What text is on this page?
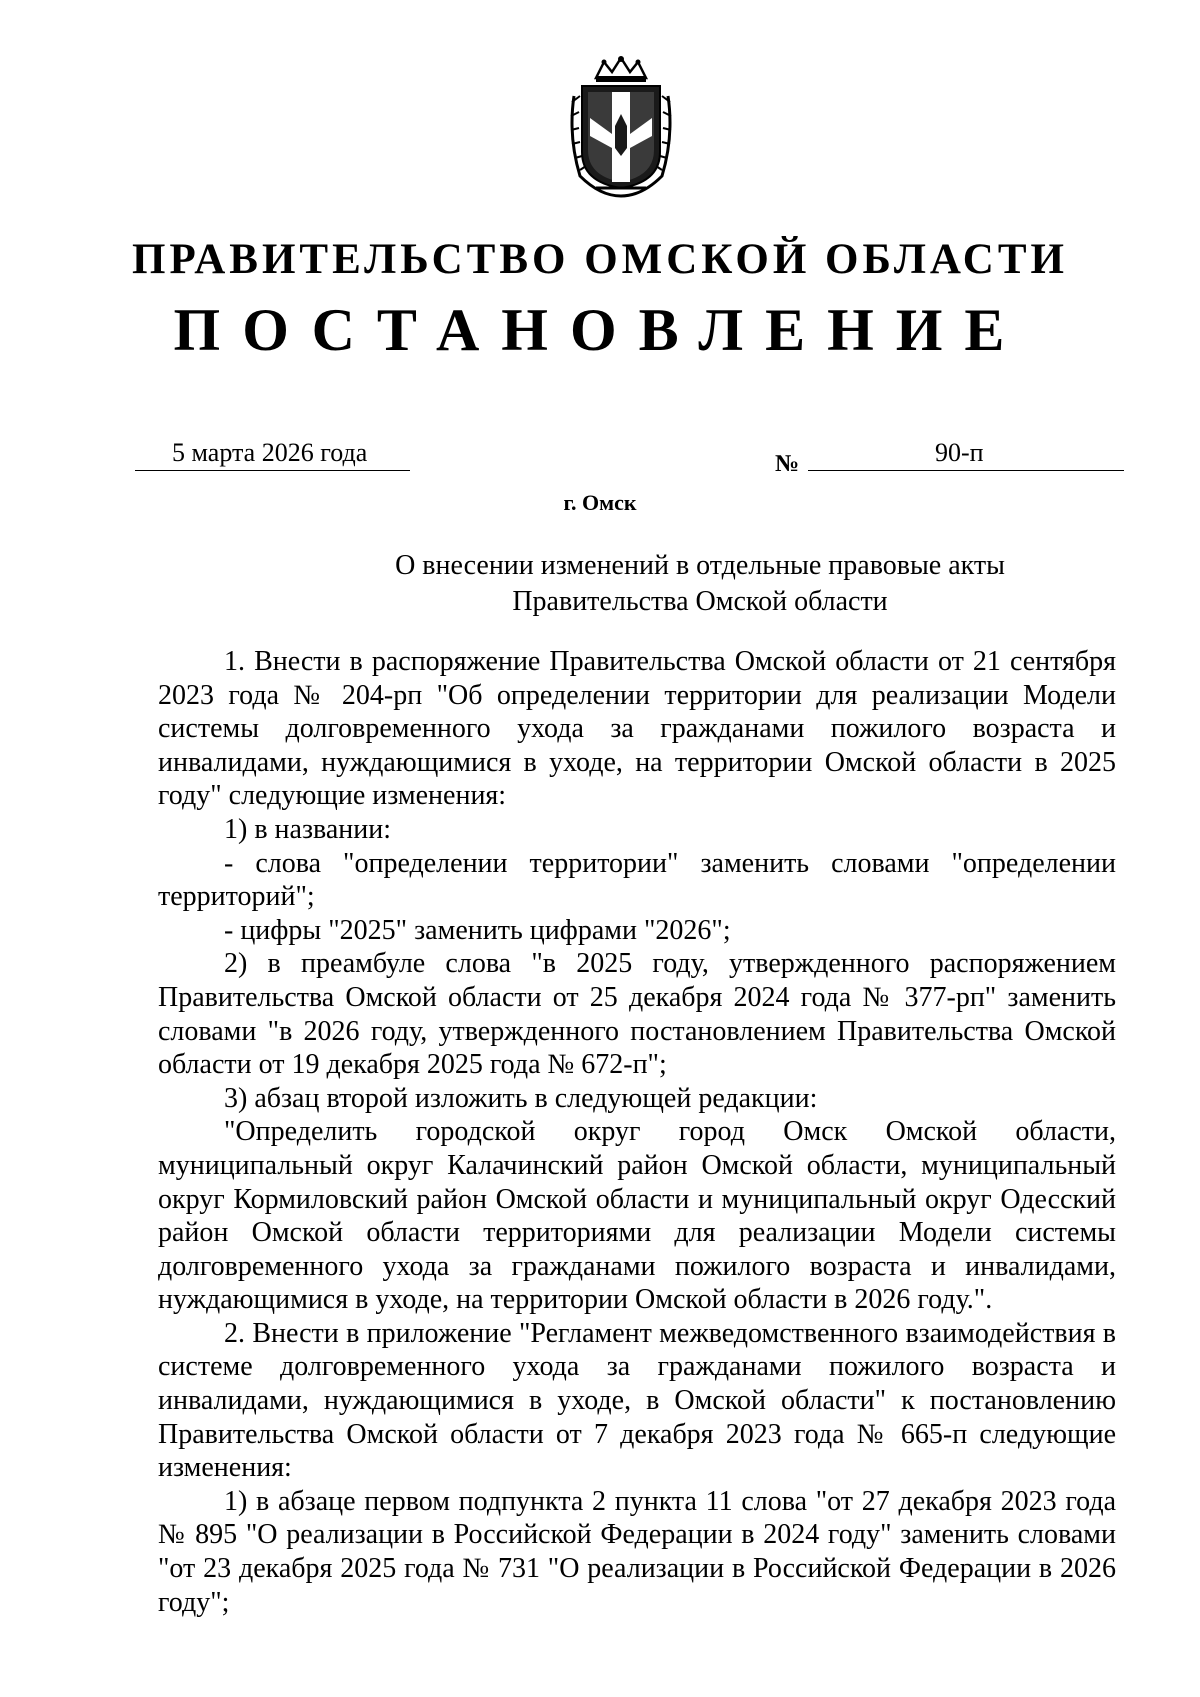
ПРАВИТЕЛЬСТВО ОМСКОЙ ОБЛАСТИ
ПОСТАНОВЛЕНИЕ
5 марта 2026 года	№	90-п
г. Омск
О внесении изменений в отдельные правовые акты
Правительства Омской области

1. Внести в распоряжение Правительства Омской области от 21 сентября 2023 года № 204-рп "Об определении территории для реализации Модели системы долговременного ухода за гражданами пожилого возраста и инвалидами, нуждающимися в уходе, на территории Омской области в 2025 году" следующие изменения:

1) в названии:

- слова "определении территории" заменить словами "определении территорий";

- цифры "2025" заменить цифрами "2026";

2) в преамбуле слова "в 2025 году, утвержденного распоряжением Правительства Омской области от 25 декабря 2024 года № 377-рп" заменить словами "в 2026 году, утвержденного постановлением Правительства Омской области от 19 декабря 2025 года № 672-п";

3) абзац второй изложить в следующей редакции:

"Определить городской округ город Омск Омской области, муниципальный округ Калачинский район Омской области, муниципальный округ Кормиловский район Омской области и муниципальный округ Одесский район Омской области территориями для реализации Модели системы долговременного ухода за гражданами пожилого возраста и инвалидами, нуждающимися в уходе, на территории Омской области в 2026 году.".

2. Внести в приложение "Регламент межведомственного взаимодействия в системе долговременного ухода за гражданами пожилого возраста и инвалидами, нуждающимися в уходе, в Омской области" к постановлению Правительства Омской области от 7 декабря 2023 года № 665-п следующие изменения:

1) в абзаце первом подпункта 2 пункта 11 слова "от 27 декабря 2023 года № 895 "О реализации в Российской Федерации в 2024 году" заменить словами "от 23 декабря 2025 года № 731 "О реализации в Российской Федерации в 2026 году";
